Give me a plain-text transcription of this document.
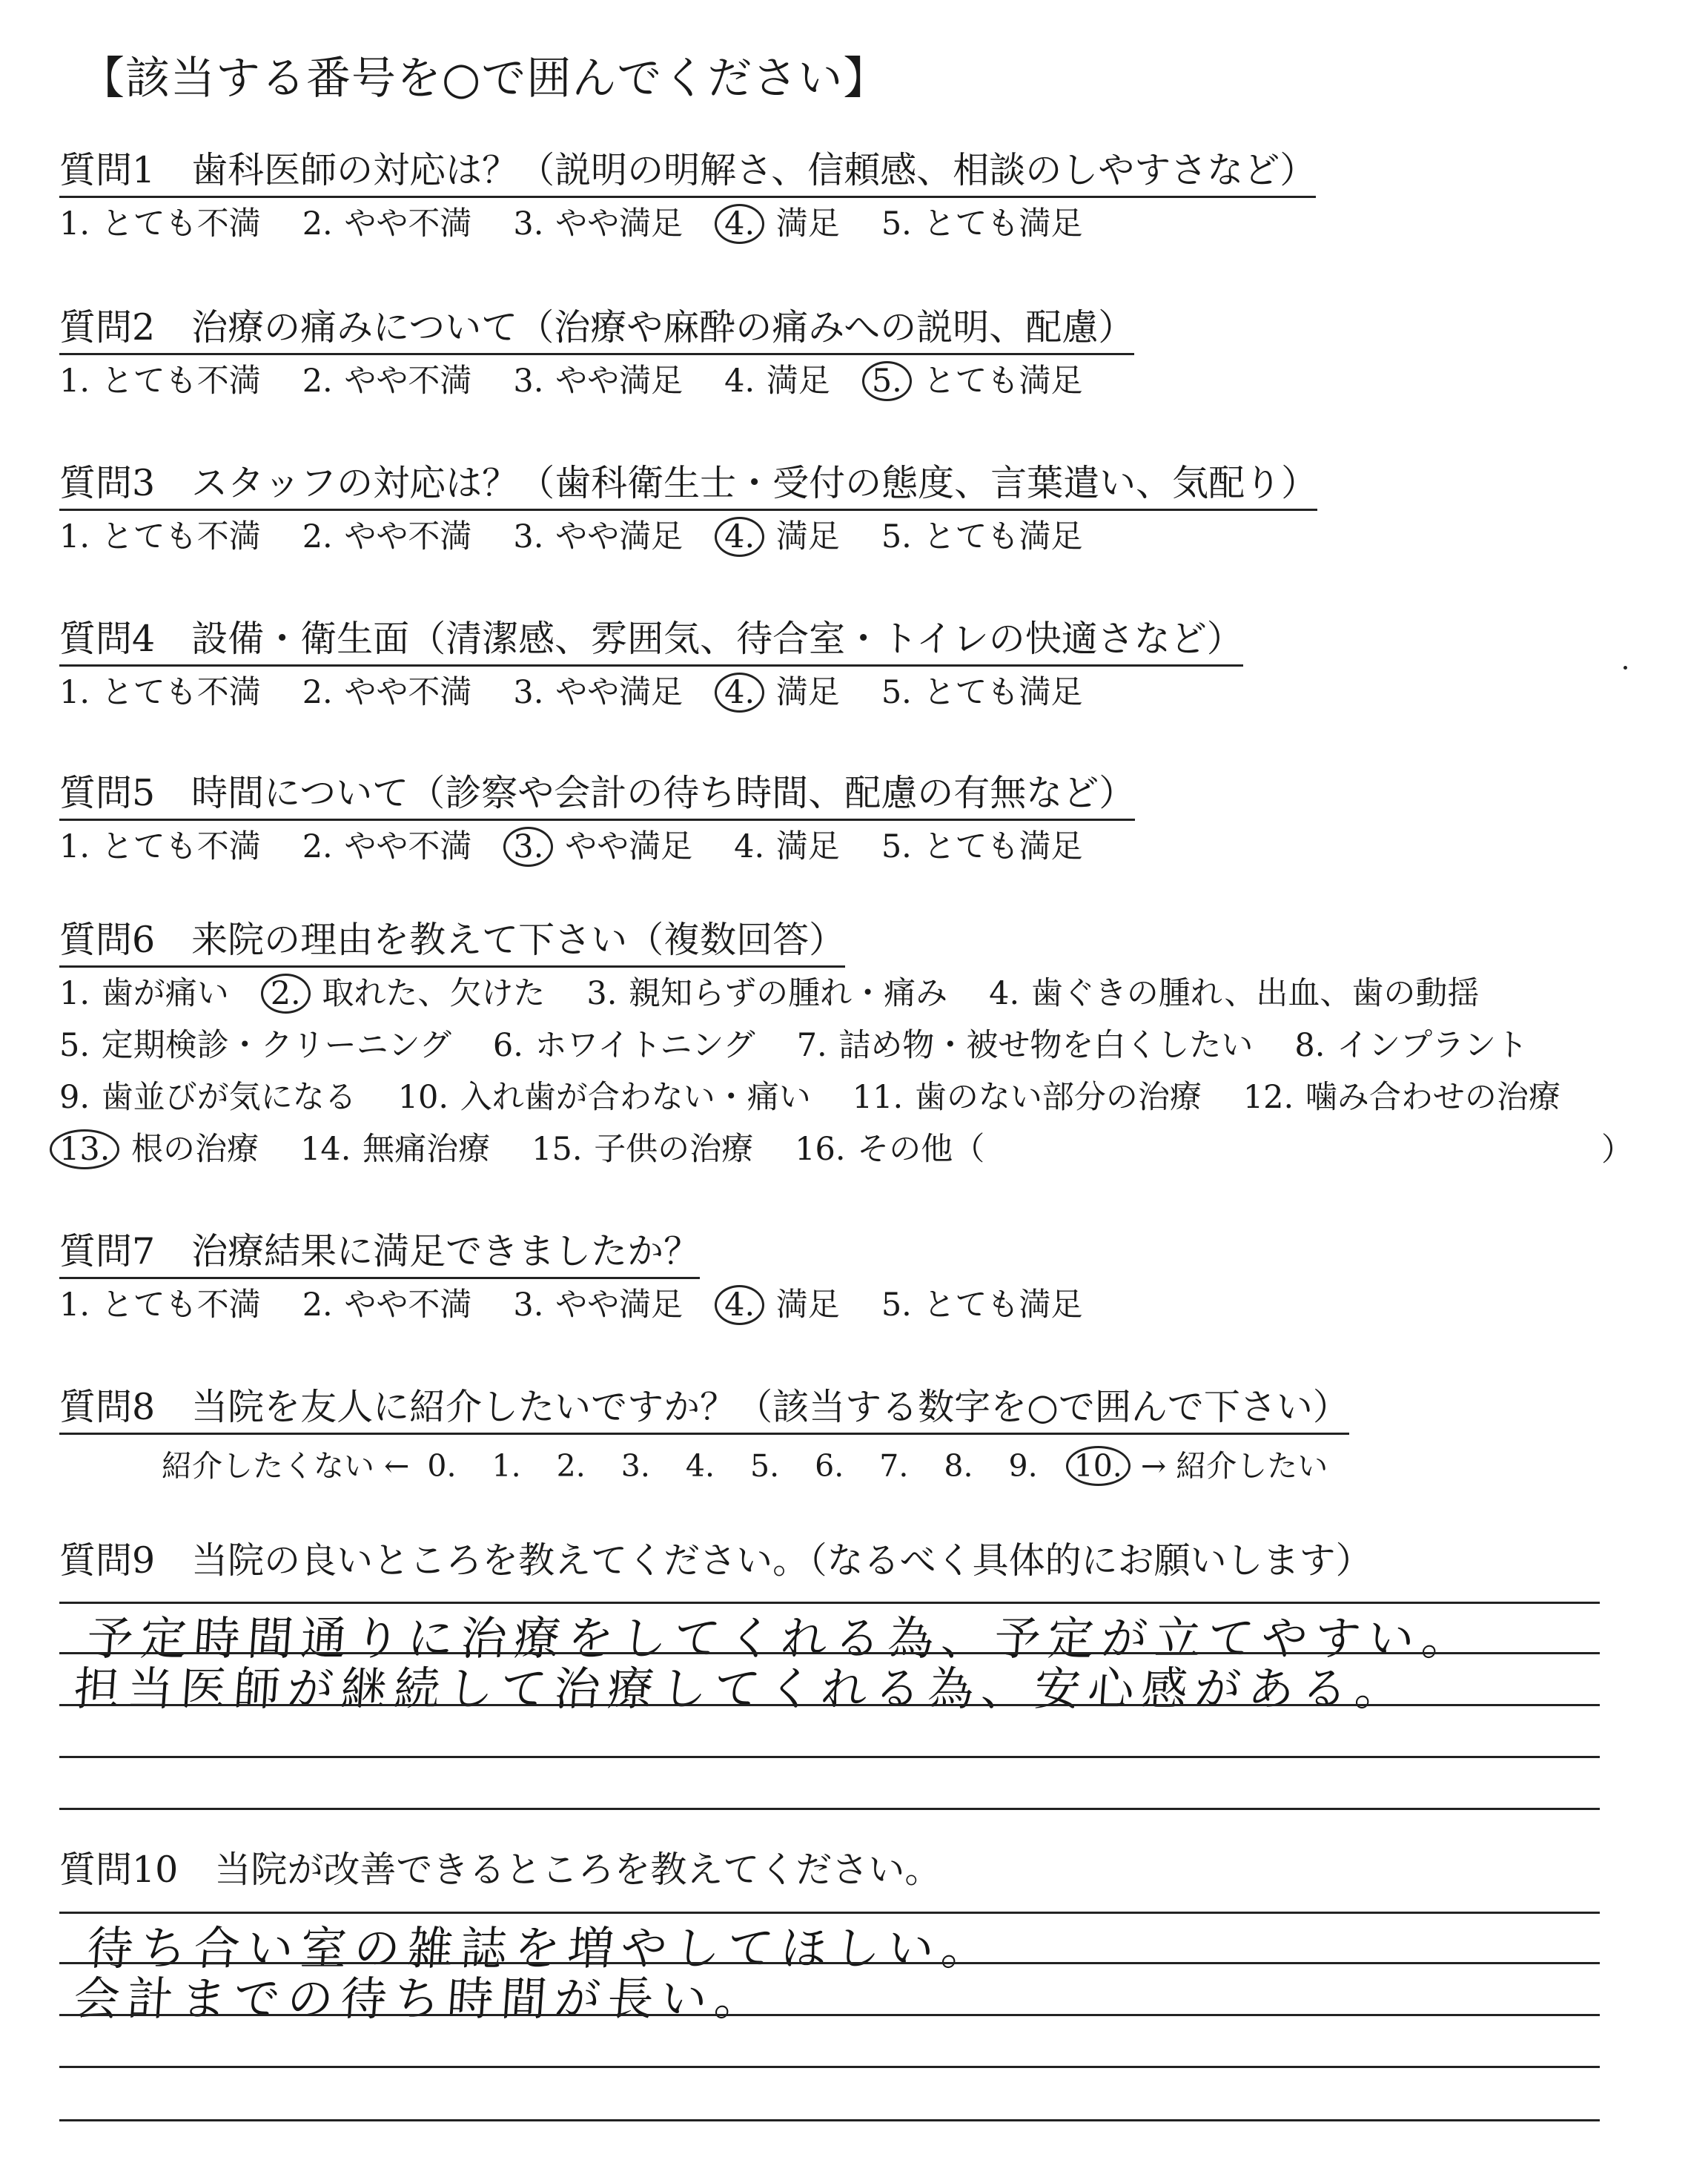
【該当する番号を○で囲んでください】
質問1　歯科医師の対応は？（説明の明解さ、信頼感、相談のしやすさなど）
1. とても不満 2. やや不満 3. やや満足 4. 満足 5. とても満足
質問2　治療の痛みについて（治療や麻酔の痛みへの説明、配慮）
1. とても不満 2. やや不満 3. やや満足 4. 満足 5. とても満足
質問3　スタッフの対応は？（歯科衛生士・受付の態度、言葉遣い、気配り）
1. とても不満 2. やや不満 3. やや満足 4. 満足 5. とても満足
質問4　設備・衛生面（清潔感、雰囲気、待合室・トイレの快適さなど）
1. とても不満 2. やや不満 3. やや満足 4. 満足 5. とても満足
質問5　時間について（診察や会計の待ち時間、配慮の有無など）
1. とても不満 2. やや不満 3. やや満足 4. 満足 5. とても満足
質問6　来院の理由を教えて下さい（複数回答）
1. 歯が痛い 2. 取れた、欠けた 3. 親知らずの腫れ・痛み 4. 歯ぐきの腫れ、出血、歯の動揺
5. 定期検診・クリーニング 6. ホワイトニング 7. 詰め物・被せ物を白くしたい 8. インプラント
9. 歯並びが気になる 10. 入れ歯が合わない・痛い 11. 歯のない部分の治療 12. 噛み合わせの治療
13. 根の治療 14. 無痛治療 15. 子供の治療 16. その他（	）
質問7　治療結果に満足できましたか？
1. とても不満 2. やや不満 3. やや満足 4. 満足 5. とても満足
質問8　当院を友人に紹介したいですか？（該当する数字を○で囲んで下さい）
紹介したくない ← 0. 1. 2. 3. 4. 5. 6. 7. 8. 9. 10. → 紹介したい
質問9　当院の良いところを教えてください。（なるべく具体的にお願いします）
予定時間通りに治療をしてくれる為、予定が立てやすい。
担当医師が継続して治療してくれる為、安心感がある。
質問10　当院が改善できるところを教えてください。
待ち合い室の雑誌を増やしてほしい。
会計までの待ち時間が長い。
